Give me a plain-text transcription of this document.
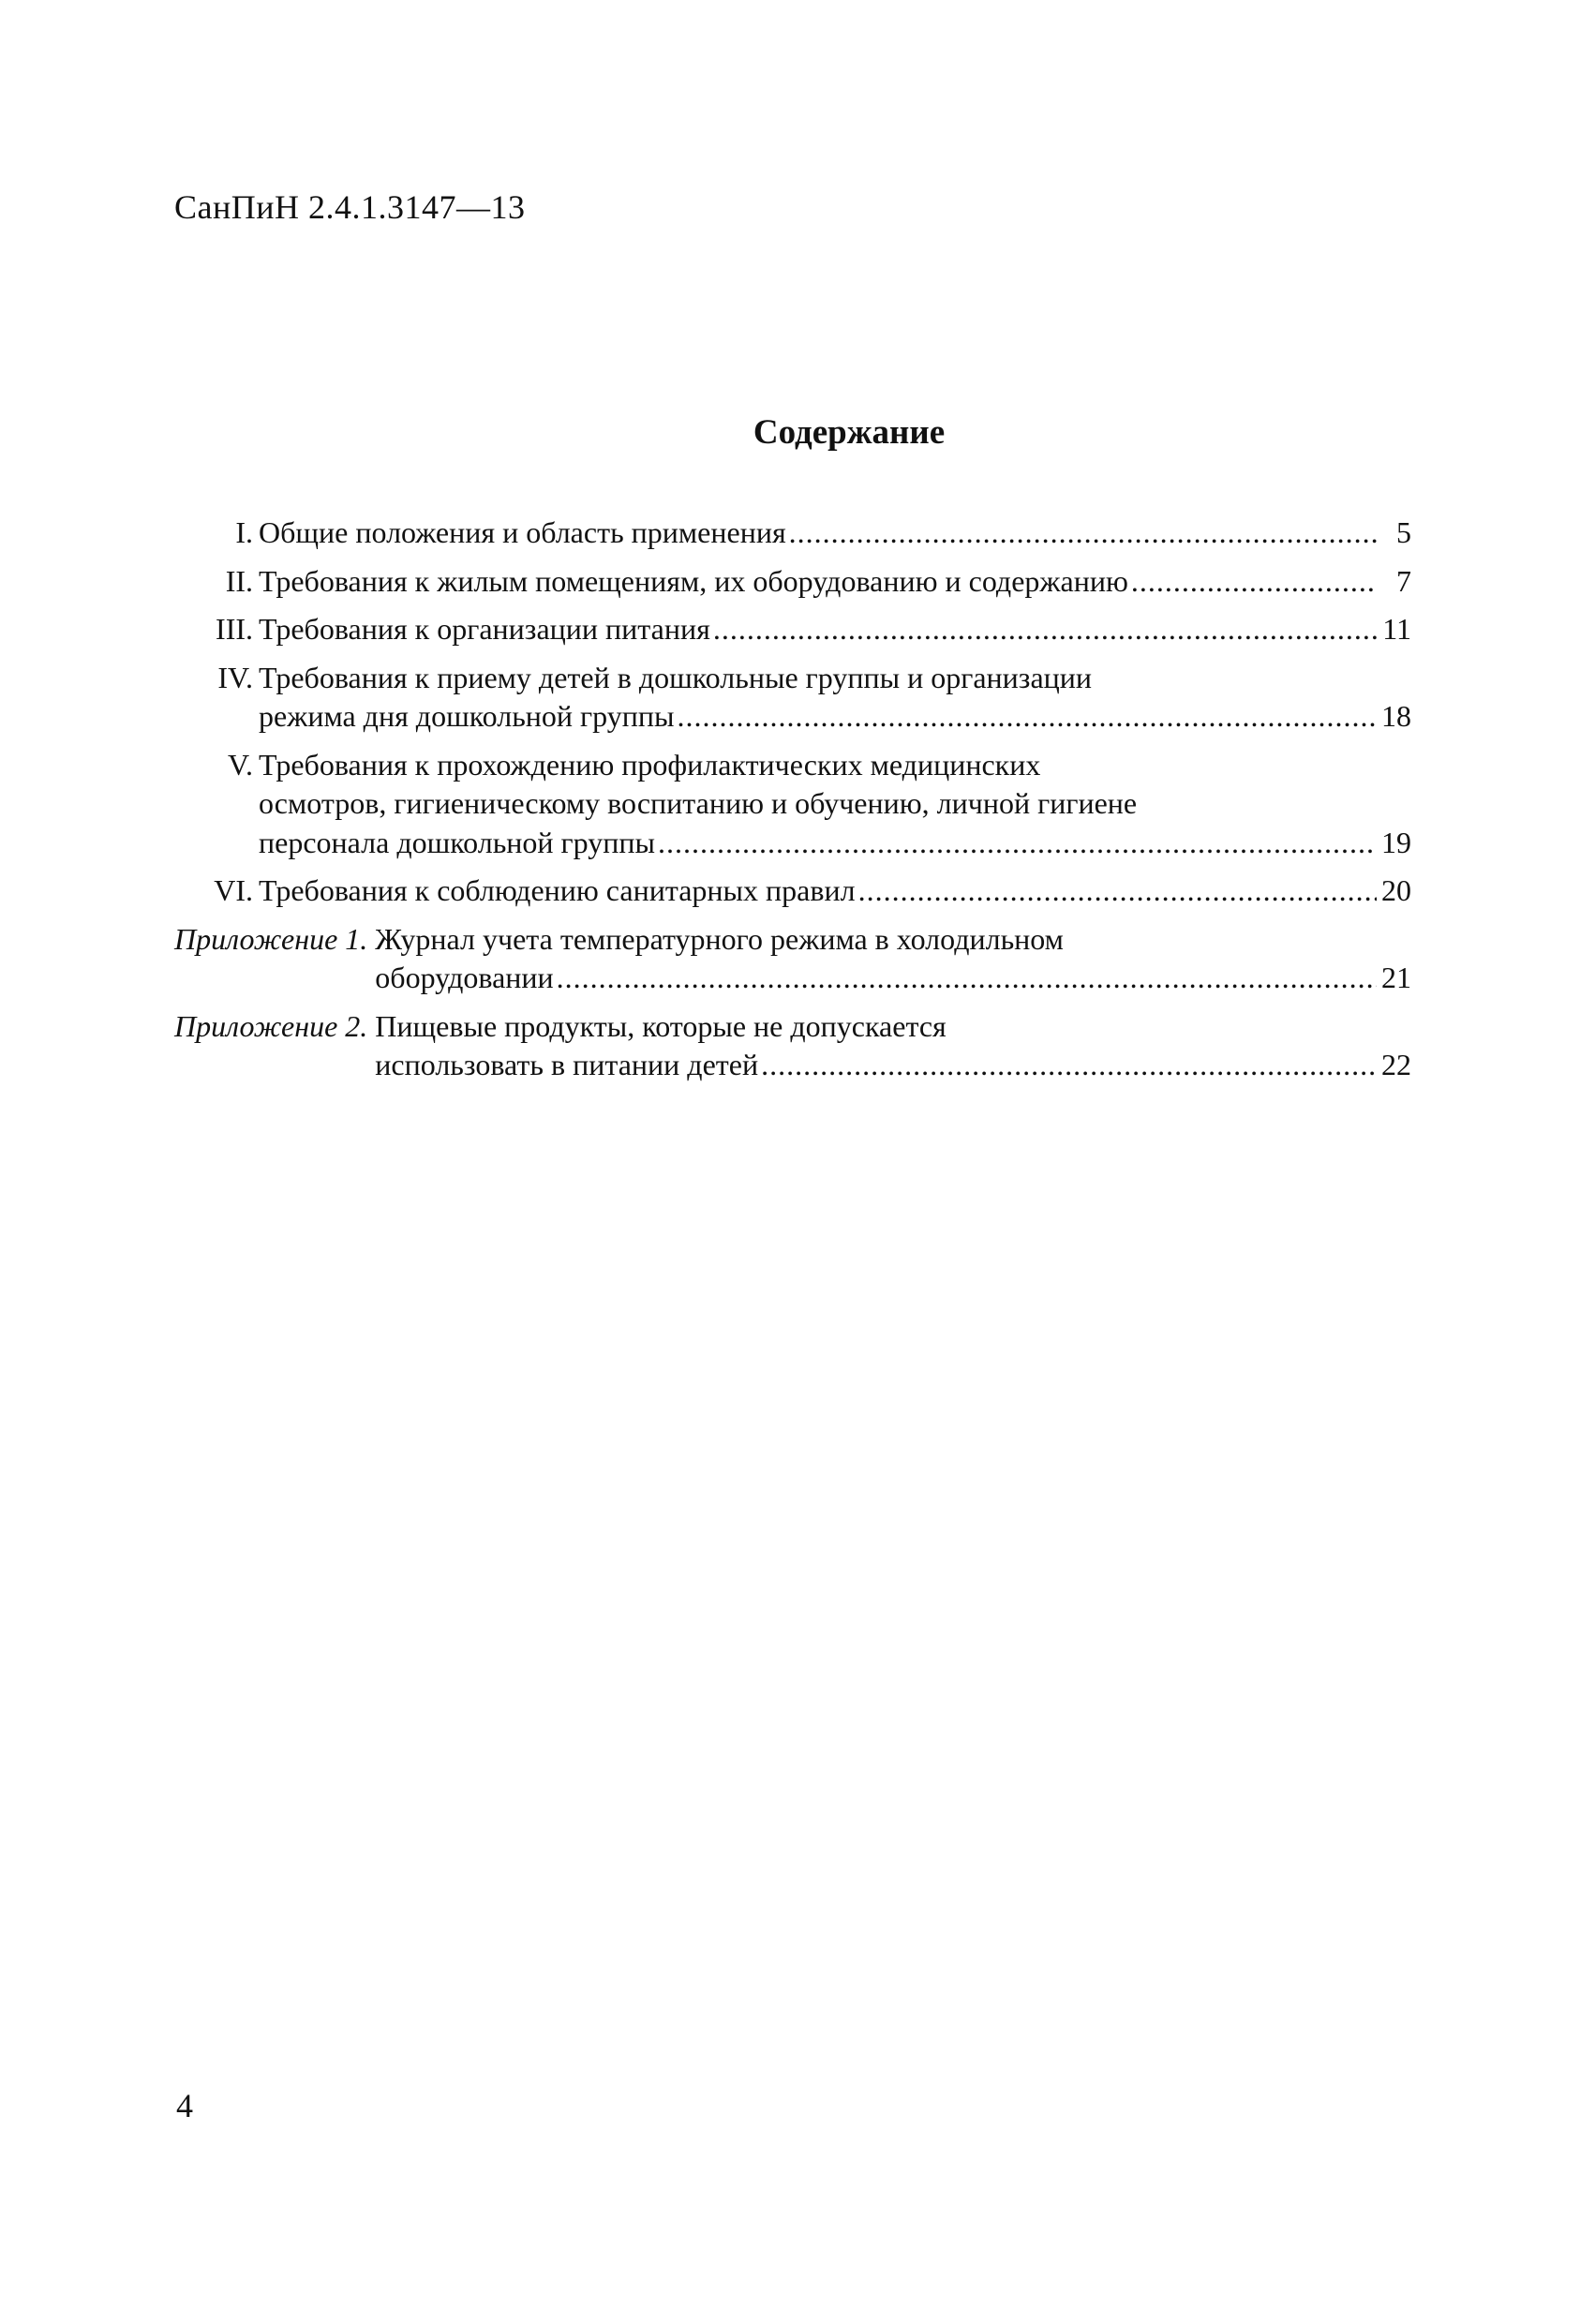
СанПиН 2.4.1.3147—13
Содержание
I. Общие положения и область применения .....	5
II. Требования к жилым помещениям, их оборудованию и содержанию .....	7
III. Требования к организации питания .....	11
IV. Требования к приему детей в дошкольные группы и организации
режима дня дошкольной группы .....	18
V. Требования к прохождению профилактических медицинских
осмотров, гигиеническому воспитанию и обучению, личной гигиене
персонала дошкольной группы .....	19
VI. Требования к соблюдению санитарных правил .....	20
Приложение 1. Журнал учета температурного режима в холодильном
оборудовании .....	21
Приложение 2. Пищевые продукты, которые не допускается
использовать в питании детей .....	22
4
